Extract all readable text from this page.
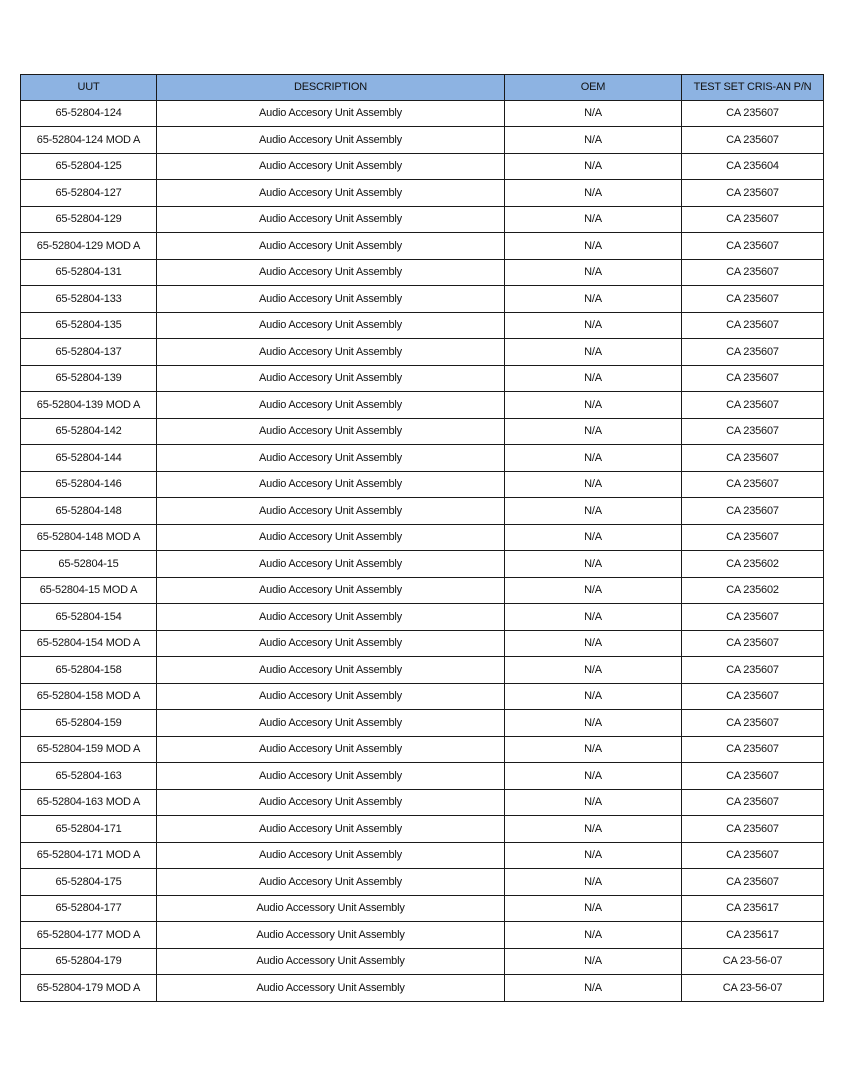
UUT	DESCRIPTION	OEM	TEST SET CRIS-AN P/N
65-52804-124	Audio Accesory Unit Assembly	N/A	CA 235607
65-52804-124 MOD A	Audio Accesory Unit Assembly	N/A	CA 235607
65-52804-125	Audio Accesory Unit Assembly	N/A	CA 235604
65-52804-127	Audio Accesory Unit Assembly	N/A	CA 235607
65-52804-129	Audio Accesory Unit Assembly	N/A	CA 235607
65-52804-129 MOD A	Audio Accesory Unit Assembly	N/A	CA 235607
65-52804-131	Audio Accesory Unit Assembly	N/A	CA 235607
65-52804-133	Audio Accesory Unit Assembly	N/A	CA 235607
65-52804-135	Audio Accesory Unit Assembly	N/A	CA 235607
65-52804-137	Audio Accesory Unit Assembly	N/A	CA 235607
65-52804-139	Audio Accesory Unit Assembly	N/A	CA 235607
65-52804-139 MOD A	Audio Accesory Unit Assembly	N/A	CA 235607
65-52804-142	Audio Accesory Unit Assembly	N/A	CA 235607
65-52804-144	Audio Accesory Unit Assembly	N/A	CA 235607
65-52804-146	Audio Accesory Unit Assembly	N/A	CA 235607
65-52804-148	Audio Accesory Unit Assembly	N/A	CA 235607
65-52804-148 MOD A	Audio Accesory Unit Assembly	N/A	CA 235607
65-52804-15	Audio Accesory Unit Assembly	N/A	CA 235602
65-52804-15 MOD A	Audio Accesory Unit Assembly	N/A	CA 235602
65-52804-154	Audio Accesory Unit Assembly	N/A	CA 235607
65-52804-154 MOD A	Audio Accesory Unit Assembly	N/A	CA 235607
65-52804-158	Audio Accesory Unit Assembly	N/A	CA 235607
65-52804-158 MOD A	Audio Accesory Unit Assembly	N/A	CA 235607
65-52804-159	Audio Accesory Unit Assembly	N/A	CA 235607
65-52804-159 MOD A	Audio Accesory Unit Assembly	N/A	CA 235607
65-52804-163	Audio Accesory Unit Assembly	N/A	CA 235607
65-52804-163 MOD A	Audio Accesory Unit Assembly	N/A	CA 235607
65-52804-171	Audio Accesory Unit Assembly	N/A	CA 235607
65-52804-171 MOD A	Audio Accesory Unit Assembly	N/A	CA 235607
65-52804-175	Audio Accesory Unit Assembly	N/A	CA 235607
65-52804-177	Audio Accessory Unit Assembly	N/A	CA 235617
65-52804-177 MOD A	Audio Accessory Unit Assembly	N/A	CA 235617
65-52804-179	Audio Accessory Unit Assembly	N/A	CA 23-56-07
65-52804-179 MOD A	Audio Accessory Unit Assembly	N/A	CA 23-56-07
